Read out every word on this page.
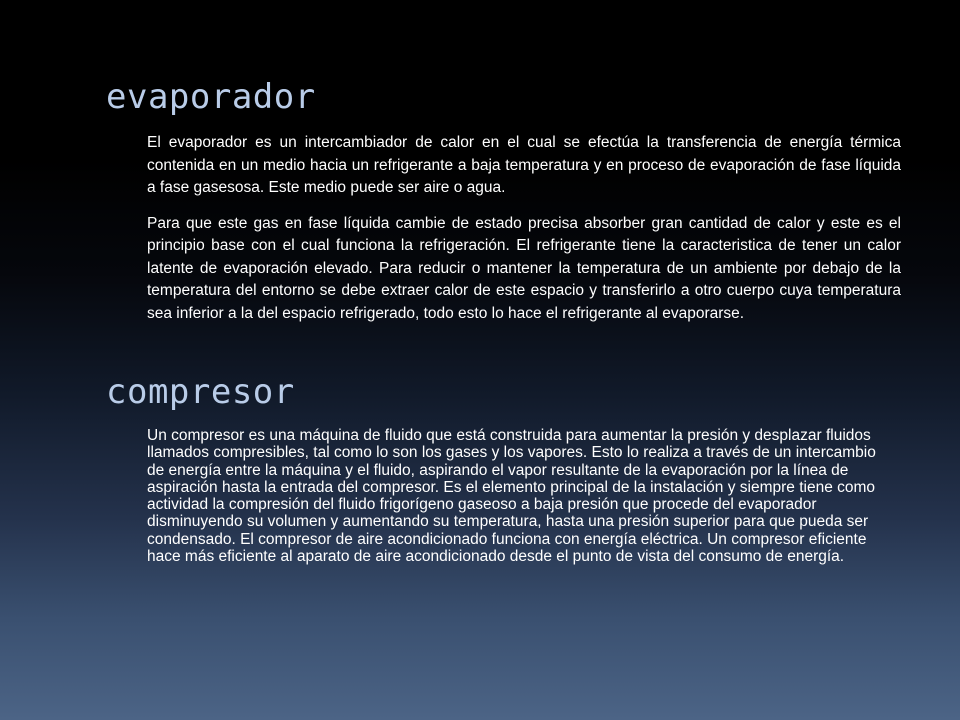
evaporador

El evaporador es un intercambiador de calor en el cual se efectúa la transferencia de energía térmica contenida en un medio hacia un refrigerante a baja temperatura y en proceso de evaporación de fase líquida a fase gasesosa. Este medio puede ser aire o agua.

Para que este gas en fase líquida cambie de estado precisa absorber gran cantidad de calor y este es el principio base con el cual funciona la refrigeración. El refrigerante tiene la caracteristica de tener un calor latente de evaporación elevado. Para reducir o mantener la temperatura de un ambiente por debajo de la temperatura del entorno se debe extraer calor de este espacio y transferirlo a otro cuerpo cuya temperatura sea inferior a la del espacio refrigerado, todo esto lo hace el refrigerante al evaporarse.

compresor

Un compresor es una máquina de fluido que está construida para aumentar la presión y desplazar fluidos llamados compresibles, tal como lo son los gases y los vapores. Esto lo realiza a través de un intercambio de energía entre la máquina y el fluido, aspirando el vapor resultante de la evaporación por la línea de aspiración hasta la entrada del compresor. Es el elemento principal de la instalación y siempre tiene como actividad la compresión del fluido frigorígeno gaseoso a baja presión que procede del evaporador disminuyendo su volumen y aumentando su temperatura, hasta una presión superior para que pueda ser condensado. El compresor de aire acondicionado funciona con energía eléctrica. Un compresor eficiente hace más eficiente al aparato de aire acondicionado desde el punto de vista del consumo de energía.
